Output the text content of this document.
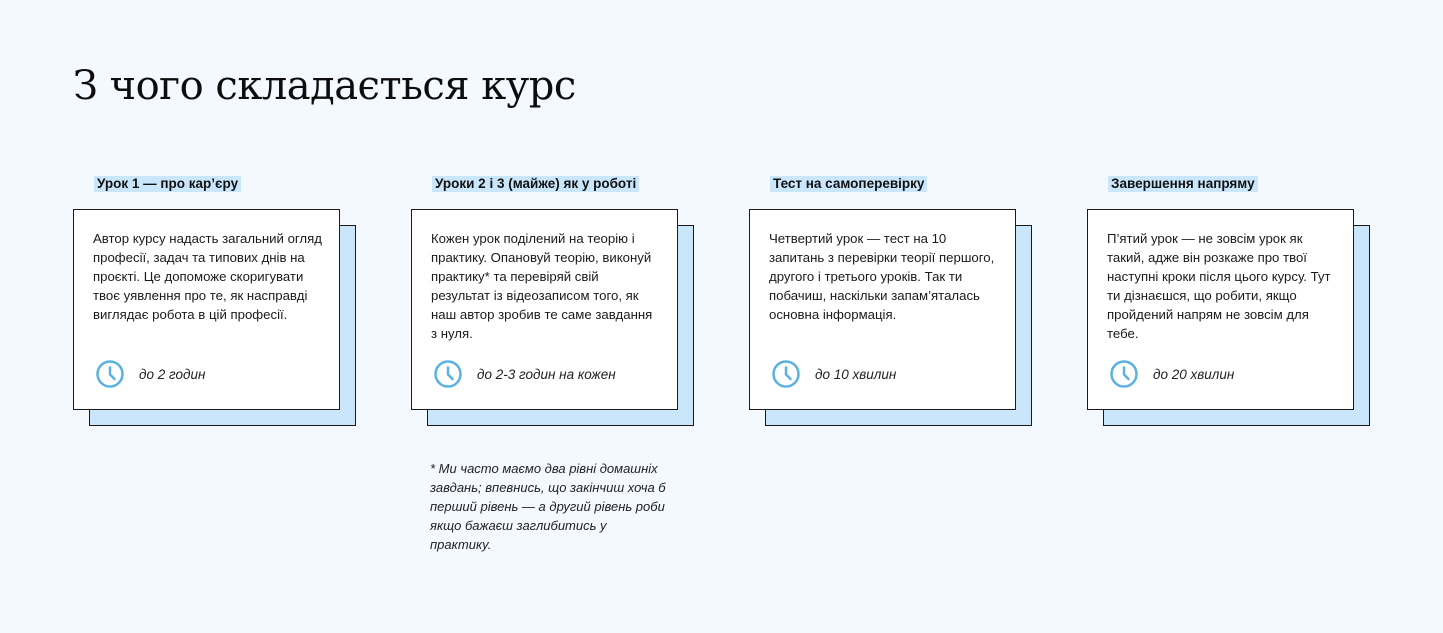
З чого складається курс
Урок 1 — про кар’єру

Автор курсу надасть загальний огляд професії, задач та типових днів на проєкті. Це допоможе скоригувати твоє уявлення про те, як насправді виглядає робота в цій професії.

до 2 годин
Уроки 2 і 3 (майже) як у роботі

Кожен урок поділений на теорію і практику. Опановуй теорію, виконуй практику* та перевіряй свій результат із відеозаписом того, як наш автор зробив те саме завдання з нуля.

до 2-3 годин на кожен
Тест на самоперевірку

Четвертий урок — тест на 10 запитань з перевірки теорії першого, другого і третього уроків. Так ти побачиш, наскільки запам’яталась основна інформація.

до 10 хвилин
Завершення напряму

П’ятий урок — не зовсім урок як такий, адже він розкаже про твої наступні кроки після цього курсу. Тут ти дізнаєшся, що робити, якщо пройдений напрям не зовсім для тебе.

до 20 хвилин

* Ми часто маємо два рівні домашніх завдань; впевнись, що закінчиш хоча б перший рівень — а другий рівень роби якщо бажаєш заглибитись у практику.
